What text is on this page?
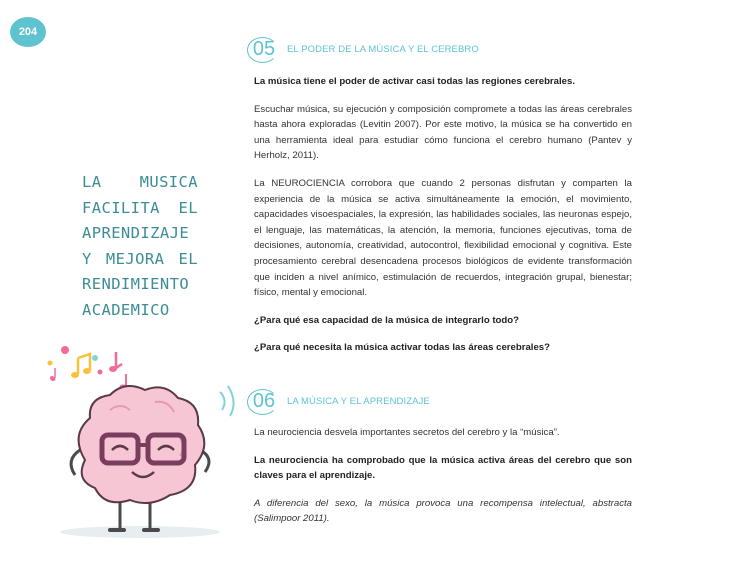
204
LA MUSICA
FACILITA EL
APRENDIZAJE
Y MEJORA EL
RENDIMIENTO
ACADEMICO
05	EL PODER DE LA MÚSICA Y EL CEREBRO

La música tiene el poder de activar casi todas las regiones cerebrales.

Escuchar música, su ejecución y composición compromete a todas las áreas cerebrales hasta ahora exploradas (Levitin 2007). Por este motivo, la música se ha convertido en una herramienta ideal para estudiar cómo funciona el cerebro humano (Pantev y Herholz, 2011).

La NEUROCIENCIA corrobora que cuando 2 personas disfrutan y comparten la experiencia de la música se activa simultáneamente la emoción, el movimiento, capacidades visoespaciales, la expresión, las habilidades sociales, las neuronas espejo, el lenguaje, las matemáticas, la atención, la memoria, funciones ejecutivas, toma de decisiones, autonomía, creatividad, autocontrol, flexibilidad emocional y cognitiva. Este procesamiento cerebral desencadena procesos biológicos de evidente transformación que inciden a nivel anímico, estimulación de recuerdos, integración grupal, bienestar; físico, mental y emocional.

¿Para qué esa capacidad de la música de integrarlo todo?

¿Para qué necesita la música activar todas las áreas cerebrales?

06	LA MÚSICA Y EL APRENDIZAJE

La neurociencia desvela importantes secretos del cerebro y la “música”.

La neurociencia ha comprobado que la música activa áreas del cerebro que son claves para el aprendizaje.

A diferencia del sexo, la música provoca una recompensa intelectual, abstracta (Salimpoor 2011).
